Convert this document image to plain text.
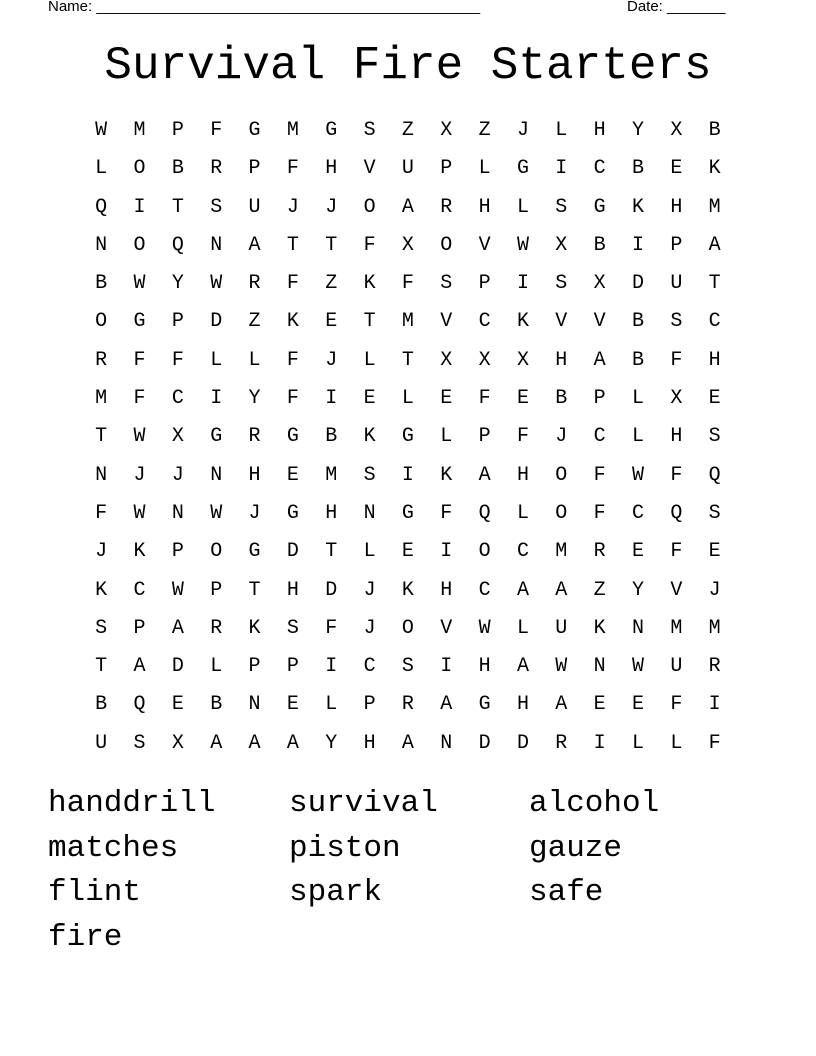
Name: ______________________________________________	Date: _______
Survival Fire Starters
W	M	P	F	G	M	G	S	Z	X	Z	J	L	H	Y	X	B
L	O	B	R	P	F	H	V	U	P	L	G	I	C	B	E	K
Q	I	T	S	U	J	J	O	A	R	H	L	S	G	K	H	M
N	O	Q	N	A	T	T	F	X	O	V	W	X	B	I	P	A
B	W	Y	W	R	F	Z	K	F	S	P	I	S	X	D	U	T
O	G	P	D	Z	K	E	T	M	V	C	K	V	V	B	S	C
R	F	F	L	L	F	J	L	T	X	X	X	H	A	B	F	H
M	F	C	I	Y	F	I	E	L	E	F	E	B	P	L	X	E
T	W	X	G	R	G	B	K	G	L	P	F	J	C	L	H	S
N	J	J	N	H	E	M	S	I	K	A	H	O	F	W	F	Q
F	W	N	W	J	G	H	N	G	F	Q	L	O	F	C	Q	S
J	K	P	O	G	D	T	L	E	I	O	C	M	R	E	F	E
K	C	W	P	T	H	D	J	K	H	C	A	A	Z	Y	V	J
S	P	A	R	K	S	F	J	O	V	W	L	U	K	N	M	M
T	A	D	L	P	P	I	C	S	I	H	A	W	N	W	U	R
B	Q	E	B	N	E	L	P	R	A	G	H	A	E	E	F	I
U	S	X	A	A	A	Y	H	A	N	D	D	R	I	L	L	F
handdrill	survival	alcohol
matches	piston	gauze
flint	spark	safe
fire
